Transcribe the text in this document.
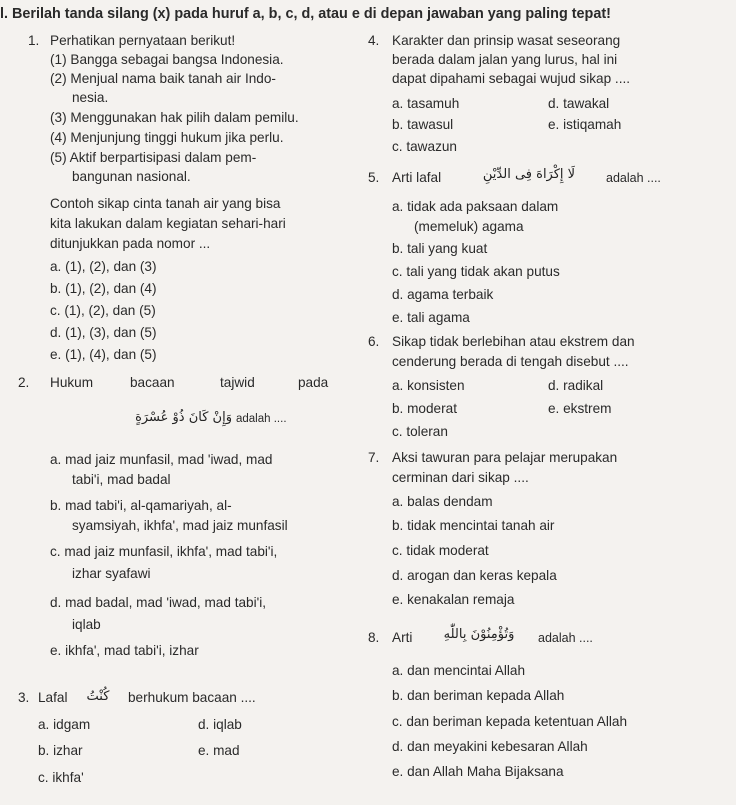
l. Berilah tanda silang (x) pada huruf a, b, c, d, atau e di depan jawaban yang paling tepat!
1. Perhatikan pernyataan berikut!
(1) Bangga sebagai bangsa Indonesia.
(2) Menjual nama baik tanah air Indo-
nesia.
(3) Menggunakan hak pilih dalam pemilu.
(4) Menjunjung tinggi hukum jika perlu.
(5) Aktif berpartisipasi dalam pem-
bangunan nasional.
Contoh sikap cinta tanah air yang bisa
kita lakukan dalam kegiatan sehari-hari
ditunjukkan pada nomor ...
a. (1), (2), dan (3)
b. (1), (2), dan (4)
c. (1), (2), dan (5)
d. (1), (3), dan (5)
e. (1), (4), dan (5)
2. Hukum	bacaan	tajwid	pada
وَإِنْ كَانَ ذُوْ عُسْرَةٍ adalah ....
a. mad jaiz munfasil, mad 'iwad, mad
tabi'i, mad badal
b. mad tabi'i, al-qamariyah, al-
syamsiyah, ikhfa', mad jaiz munfasil
c. mad jaiz munfasil, ikhfa', mad tabi'i,
izhar syafawi
d. mad badal, mad 'iwad, mad tabi'i,
iqlab
e. ikhfa', mad tabi'i, izhar
3. Lafal	كُنْتُ	berhukum bacaan ....
a. idgam	d. iqlab
b. izhar	e. mad
c. ikhfa'
4. Karakter dan prinsip wasat seseorang
berada dalam jalan yang lurus, hal ini
dapat dipahami sebagai wujud sikap ....
a. tasamuh	d. tawakal
b. tawasul	e. istiqamah
c. tawazun
5. Arti lafal	لَا إِكْرَاهَ فِى الدِّيْنِ	adalah ....
a. tidak ada paksaan dalam
(memeluk) agama
b. tali yang kuat
c. tali yang tidak akan putus
d. agama terbaik
e. tali agama
6. Sikap tidak berlebihan atau ekstrem dan
cenderung berada di tengah disebut ....
a. konsisten	d. radikal
b. moderat	e. ekstrem
c. toleran
7. Aksi tawuran para pelajar merupakan
cerminan dari sikap ....
a. balas dendam
b. tidak mencintai tanah air
c. tidak moderat
d. arogan dan keras kepala
e. kenakalan remaja
8. Arti	وَتُؤْمِنُوْنَ بِاللّٰهِ	adalah ....
a. dan mencintai Allah
b. dan beriman kepada Allah
c. dan beriman kepada ketentuan Allah
d. dan meyakini kebesaran Allah
e. dan Allah Maha Bijaksana
